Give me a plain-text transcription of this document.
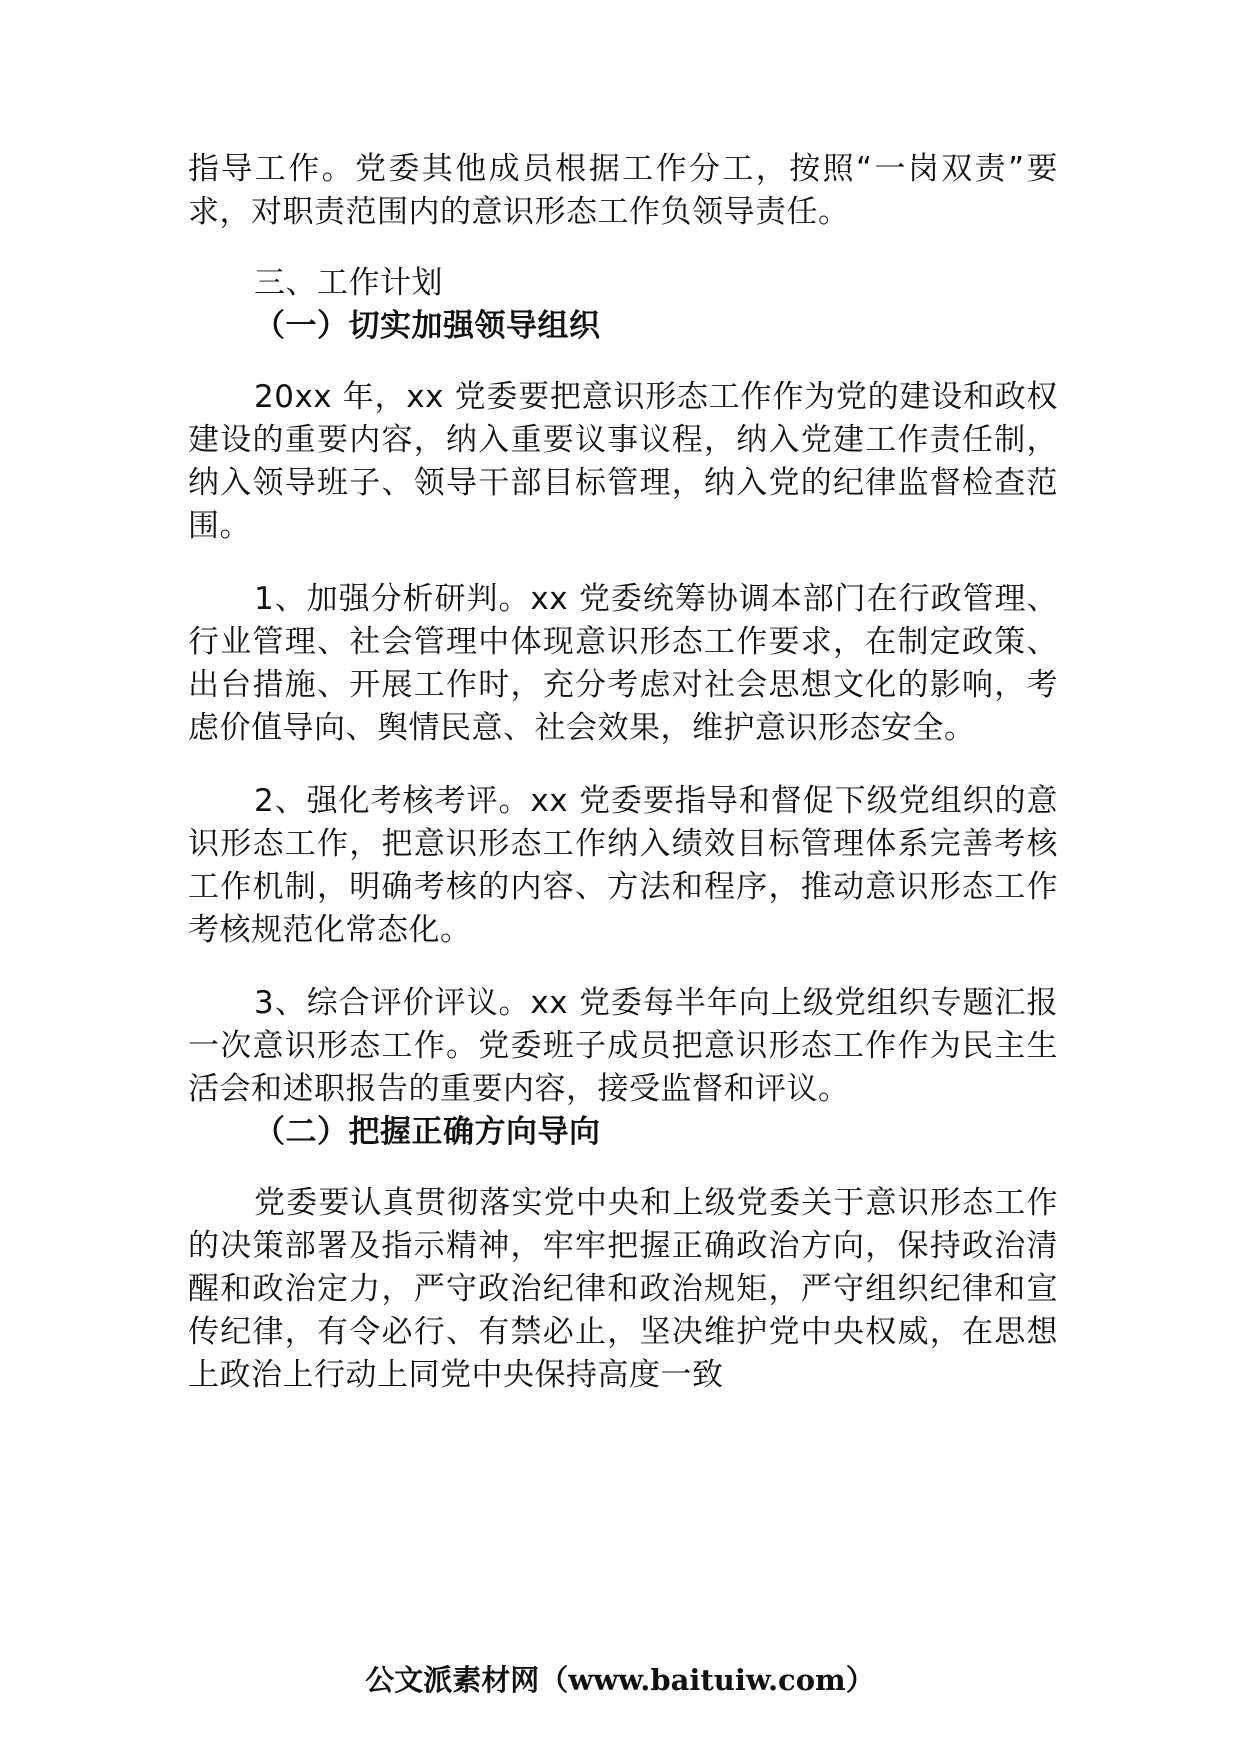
指导工作。党委其他成员根据工作分工，按照“一岗双责”要求，对职责范围内的意识形态工作负领导责任。

三、工作计划

（一）切实加强领导组织

20xx 年，xx 党委要把意识形态工作作为党的建设和政权建设的重要内容，纳入重要议事议程，纳入党建工作责任制，纳入领导班子、领导干部目标管理，纳入党的纪律监督检查范围。

1、加强分析研判。xx 党委统筹协调本部门在行政管理、行业管理、社会管理中体现意识形态工作要求，在制定政策、出台措施、开展工作时，充分考虑对社会思想文化的影响，考虑价值导向、舆情民意、社会效果，维护意识形态安全。

2、强化考核考评。xx 党委要指导和督促下级党组织的意识形态工作，把意识形态工作纳入绩效目标管理体系完善考核工作机制，明确考核的内容、方法和程序，推动意识形态工作考核规范化常态化。

3、综合评价评议。xx 党委每半年向上级党组织专题汇报一次意识形态工作。党委班子成员把意识形态工作作为民主生活会和述职报告的重要内容，接受监督和评议。

（二）把握正确方向导向

党委要认真贯彻落实党中央和上级党委关于意识形态工作的决策部署及指示精神，牢牢把握正确政治方向，保持政治清醒和政治定力，严守政治纪律和政治规矩，严守组织纪律和宣传纪律，有令必行、有禁必止，坚决维护党中央权威，在思想上政治上行动上同党中央保持高度一致

公文派素材网（www.baituiw.com）
